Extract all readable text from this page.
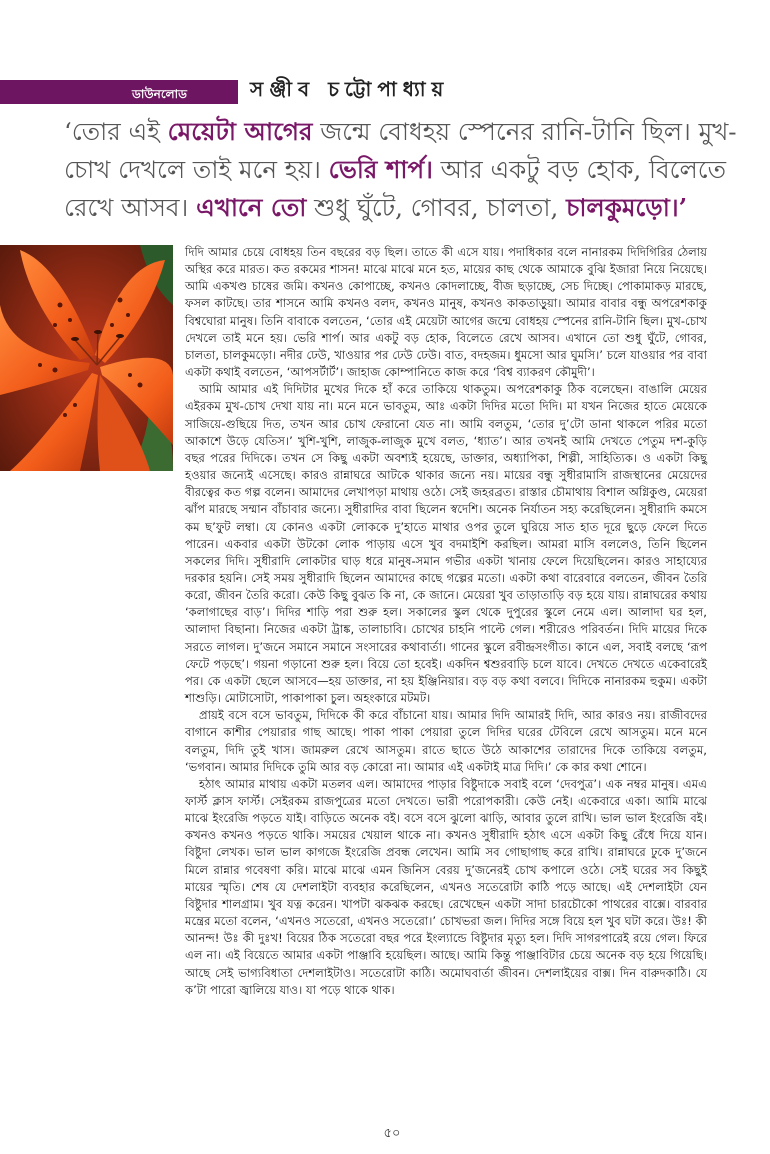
ডাউনলোড	সঞ্জীব চট্টোপাধ্যায়
‘তোর এই মেয়েটা আগের জন্মে বোধহয় স্পেনের রানি-টানি ছিল। মুখ-চোখ দেখলে তাই মনে হয়। ভেরি শার্প। আর একটু বড় হোক, বিলেতে রেখে আসব। এখানে তো শুধু ঘুঁটে, গোবর, চালতা, চালকুমড়ো।’

দিদি আমার চেয়ে বোধহয় তিন বছরের বড় ছিল। তাতে কী এসে যায়। পদাধিকার বলে নানারকম দিদিগিরির ঠেলায় অস্থির করে মারত। কত রকমের শাসন! মাঝে মাঝে মনে হত, মায়ের কাছ থেকে আমাকে বুঝি ইজারা নিয়ে নিয়েছে। আমি একখণ্ড চাষের জমি। কখনও কোপাচ্ছে, কখনও কোদলাচ্ছে, বীজ ছড়াচ্ছে, সেচ দিচ্ছে। পোকামাকড় মারছে, ফসল কাটছে। তার শাসনে আমি কখনও বলদ, কখনও মানুষ, কখনও কাকতাড়ুয়া। আমার বাবার বন্ধু অপরেশকাকু বিশ্বঘোরা মানুষ। তিনি বাবাকে বলতেন, ‘তোর এই মেয়েটা আগের জন্মে বোধহয় স্পেনের রানি-টানি ছিল। মুখ-চোখ দেখলে তাই মনে হয়। ভেরি শার্প। আর একটু বড় হোক, বিলেতে রেখে আসব। এখানে তো শুধু ঘুঁটে, গোবর, চালতা, চালকুমড়ো। নদীর ঢেউ, খাওয়ার পর ঢেউ ঢেউ। বাত, বদহজম। ধুমসো আর ঘুমসি।’ চলে যাওয়ার পর বাবা একটা কথাই বলতেন, ‘আপসর্টার্ট’। জাহাজ কোম্পানিতে কাজ করে ‘বিশ্ব ব্যাকরণ কৌমুদী’।

আমি আমার এই দিদিটার মুখের দিকে হাঁ করে তাকিয়ে থাকতুম। অপরেশকাকু ঠিক বলেছেন। বাঙালি মেয়ের এইরকম মুখ-চোখ দেখা যায় না। মনে মনে ভাবতুম, আঃ একটা দিদির মতো দিদি। মা যখন নিজের হাতে মেয়েকে সাজিয়ে-গুছিয়ে দিত, তখন আর চোখ ফেরানো যেত না। আমি বলতুম, ‘তোর দু’টো ডানা থাকলে পরির মতো আকাশে উড়ে যেতিস।’ খুশি-খুশি, লাজুক-লাজুক মুখে বলত, ‘ধ্যাত’। আর তখনই আমি দেখতে পেতুম দশ-কুড়ি বছর পরের দিদিকে। তখন সে কিছু একটা অবশ্যই হয়েছে, ডাক্তার, অধ্যাপিকা, শিল্পী, সাহিত্যিক। ও একটা কিছু হওয়ার জন্যেই এসেছে। কারও রান্নাঘরে আটকে থাকার জন্যে নয়। মায়ের বন্ধু সুধীরামাসি রাজস্থানের মেয়েদের বীরত্বের কত গল্প বলেন। আমাদের লেখাপড়া মাথায় ওঠে। সেই জহরব্রত। রাস্তার চৌমাথায় বিশাল অগ্নিকুণ্ড, মেয়েরা ঝাঁপ মারছে সম্মান বাঁচাবার জন্যে। সুধীরাদির বাবা ছিলেন স্বদেশি। অনেক নির্যাতন সহ্য করেছিলেন। সুধীরাদি কমসে কম ছ’ফুট লম্বা। যে কোনও একটা লোককে দু’হাতে মাথার ওপর তুলে ঘুরিয়ে সাত হাত দূরে ছুড়ে ফেলে দিতে পারেন। একবার একটা উটকো লোক পাড়ায় এসে খুব বদমাইশি করছিল। আমরা মাসি বললেও, তিনি ছিলেন সকলের দিদি। সুধীরাদি লোকটার ঘাড় ধরে মানুষ-সমান গভীর একটা খানায় ফেলে দিয়েছিলেন। কারও সাহায্যের দরকার হয়নি। সেই সময় সুধীরাদি ছিলেন আমাদের কাছে গল্পের মতো। একটা কথা বারেবারে বলতেন, জীবন তৈরি করো, জীবন তৈরি করো। কেউ কিছু বুঝত কি না, কে জানে। মেয়েরা খুব তাড়াতাড়ি বড় হয়ে যায়। রান্নাঘরের কথায় ‘কলাগাছের বাড়’। দিদির শাড়ি পরা শুরু হল। সকালের স্কুল থেকে দুপুরের স্কুলে নেমে এল। আলাদা ঘর হল, আলাদা বিছানা। নিজের একটা ট্রাঙ্ক, তালাচাবি। চোখের চাহনি পাল্টে গেল। শরীরেও পরিবর্তন। দিদি মায়ের দিকে সরতে লাগল। দু’জনে সমানে সমানে সংসারের কথাবার্তা। গানের স্কুলে রবীন্দ্রসংগীত। কানে এল, সবাই বলছে ‘রূপ ফেটে পড়ছে’। গয়না গড়ানো শুরু হল। বিয়ে তো হবেই। একদিন শ্বশুরবাড়ি চলে যাবে। দেখতে দেখতে একেবারেই পর। কে একটা ছেলে আসবে—হয় ডাক্তার, না হয় ইঞ্জিনিয়ার। বড় বড় কথা বলবে। দিদিকে নানারকম হুকুম। একটা শাশুড়ি। মোটাসোটা, পাকাপাকা চুল। অহংকারে মটমট।

প্রায়ই বসে বসে ভাবতুম, দিদিকে কী করে বাঁচানো যায়। আমার দিদি আমারই দিদি, আর কারও নয়। রাজীবদের বাগানে কাশীর পেয়ারার গাছ আছে। পাকা পাকা পেয়ারা তুলে দিদির ঘরের টেবিলে রেখে আসতুম। মনে মনে বলতুম, দিদি তুই খাস। জামরুল রেখে আসতুম। রাতে ছাতে উঠে আকাশের তারাদের দিকে তাকিয়ে বলতুম, ‘ভগবান। আমার দিদিকে তুমি আর বড় কোরো না। আমার এই একটাই মাত্র দিদি।’ কে কার কথা শোনে।

হঠাৎ আমার মাথায় একটা মতলব এল। আমাদের পাড়ার বিষ্টুদাকে সবাই বলে ‘দেবপুত্র’। এক নম্বর মানুষ। এমএ ফার্স্ট ক্লাস ফার্স্ট। সেইরকম রাজপুত্রের মতো দেখতে। ভারী পরোপকারী। কেউ নেই। একেবারে একা। আমি মাঝে মাঝে ইংরেজি পড়তে যাই। বাড়িতে অনেক বই। বসে বসে ঝুলো ঝাড়ি, আবার তুলে রাখি। ভাল ভাল ইংরেজি বই। কখনও কখনও পড়তে থাকি। সময়ের খেয়াল থাকে না। কখনও সুধীরাদি হঠাৎ এসে একটা কিছু রেঁধে দিয়ে যান। বিষ্টুদা লেখক। ভাল ভাল কাগজে ইংরেজি প্রবন্ধ লেখেন। আমি সব গোছাগাছ করে রাখি। রান্নাঘরে ঢুকে দু’জনে মিলে রান্নার গবেষণা করি। মাঝে মাঝে এমন জিনিস বেরয় দু’জনেরই চোখ কপালে ওঠে। সেই ঘরের সব কিছুই মায়ের স্মৃতি। শেষ যে দেশলাইটা ব্যবহার করেছিলেন, এখনও সতেরোটা কাঠি পড়ে আছে। এই দেশলাইটা যেন বিষ্টুদার শালগ্রাম। খুব যত্ন করেন। খাপটা ঝকঝক করছে। রেখেছেন একটা সাদা চারচৌকো পাথরের বাক্সে। বারবার মন্ত্রের মতো বলেন, ‘এখনও সতেরো, এখনও সতেরো।’ চোখভরা জল। দিদির সঙ্গে বিয়ে হল খুব ঘটা করে। উঃ! কী আনন্দ! উঃ কী দুঃখ! বিয়ের ঠিক সতেরো বছর পরে ইংল্যান্ডে বিষ্টুদার মৃত্যু হল। দিদি সাগরপারেই রয়ে গেল। ফিরে এল না। এই বিয়েতে আমার একটা পাঞ্জাবি হয়েছিল। আছে। আমি কিন্তু পাঞ্জাবিটার চেয়ে অনেক বড় হয়ে গিয়েছি। আছে সেই ভাগ্যবিধাতা দেশলাইটাও। সতেরোটা কাঠি। অমোঘবার্তা জীবন। দেশলাইয়ের বাক্স। দিন বারুদকাঠি। যে ক’টা পারো জ্বালিয়ে যাও। যা পড়ে থাকে থাক।

৫০
